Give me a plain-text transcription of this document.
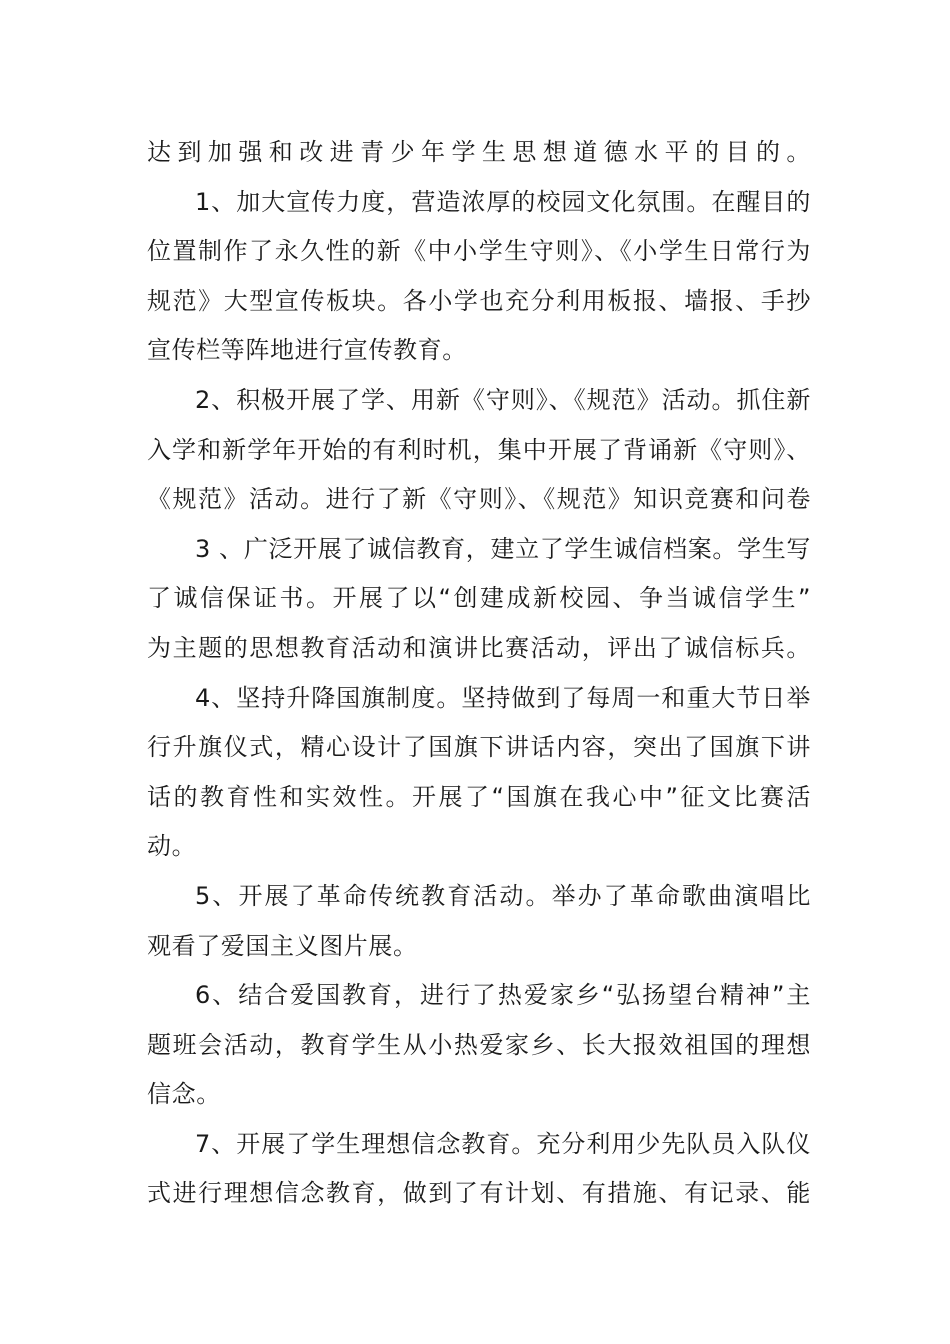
达到加强和改进青少年学生思想道德水平的目的。
1、加大宣传力度，营造浓厚的校园文化氛围。在醒目的
位置制作了永久性的新《中小学生守则》、《小学生日常行为
规范》大型宣传板块。各小学也充分利用板报、墙报、手抄
宣传栏等阵地进行宣传教育。
2、积极开展了学、用新《守则》、《规范》活动。抓住新
入学和新学年开始的有利时机，集中开展了背诵新《守则》、
《规范》活动。进行了新《守则》、《规范》知识竞赛和问卷
3 、广泛开展了诚信教育，建立了学生诚信档案。学生写
了诚信保证书。开展了以“创建成新校园、争当诚信学生”
为主题的思想教育活动和演讲比赛活动，评出了诚信标兵。
4、坚持升降国旗制度。坚持做到了每周一和重大节日举
行升旗仪式，精心设计了国旗下讲话内容，突出了国旗下讲
话的教育性和实效性。开展了“国旗在我心中”征文比赛活
动。
5、开展了革命传统教育活动。举办了革命歌曲演唱比
观看了爱国主义图片展。
6、结合爱国教育，进行了热爱家乡“弘扬望台精神”主
题班会活动，教育学生从小热爱家乡、长大报效祖国的理想
信念。
7、开展了学生理想信念教育。充分利用少先队员入队仪
式进行理想信念教育，做到了有计划、有措施、有记录、能
